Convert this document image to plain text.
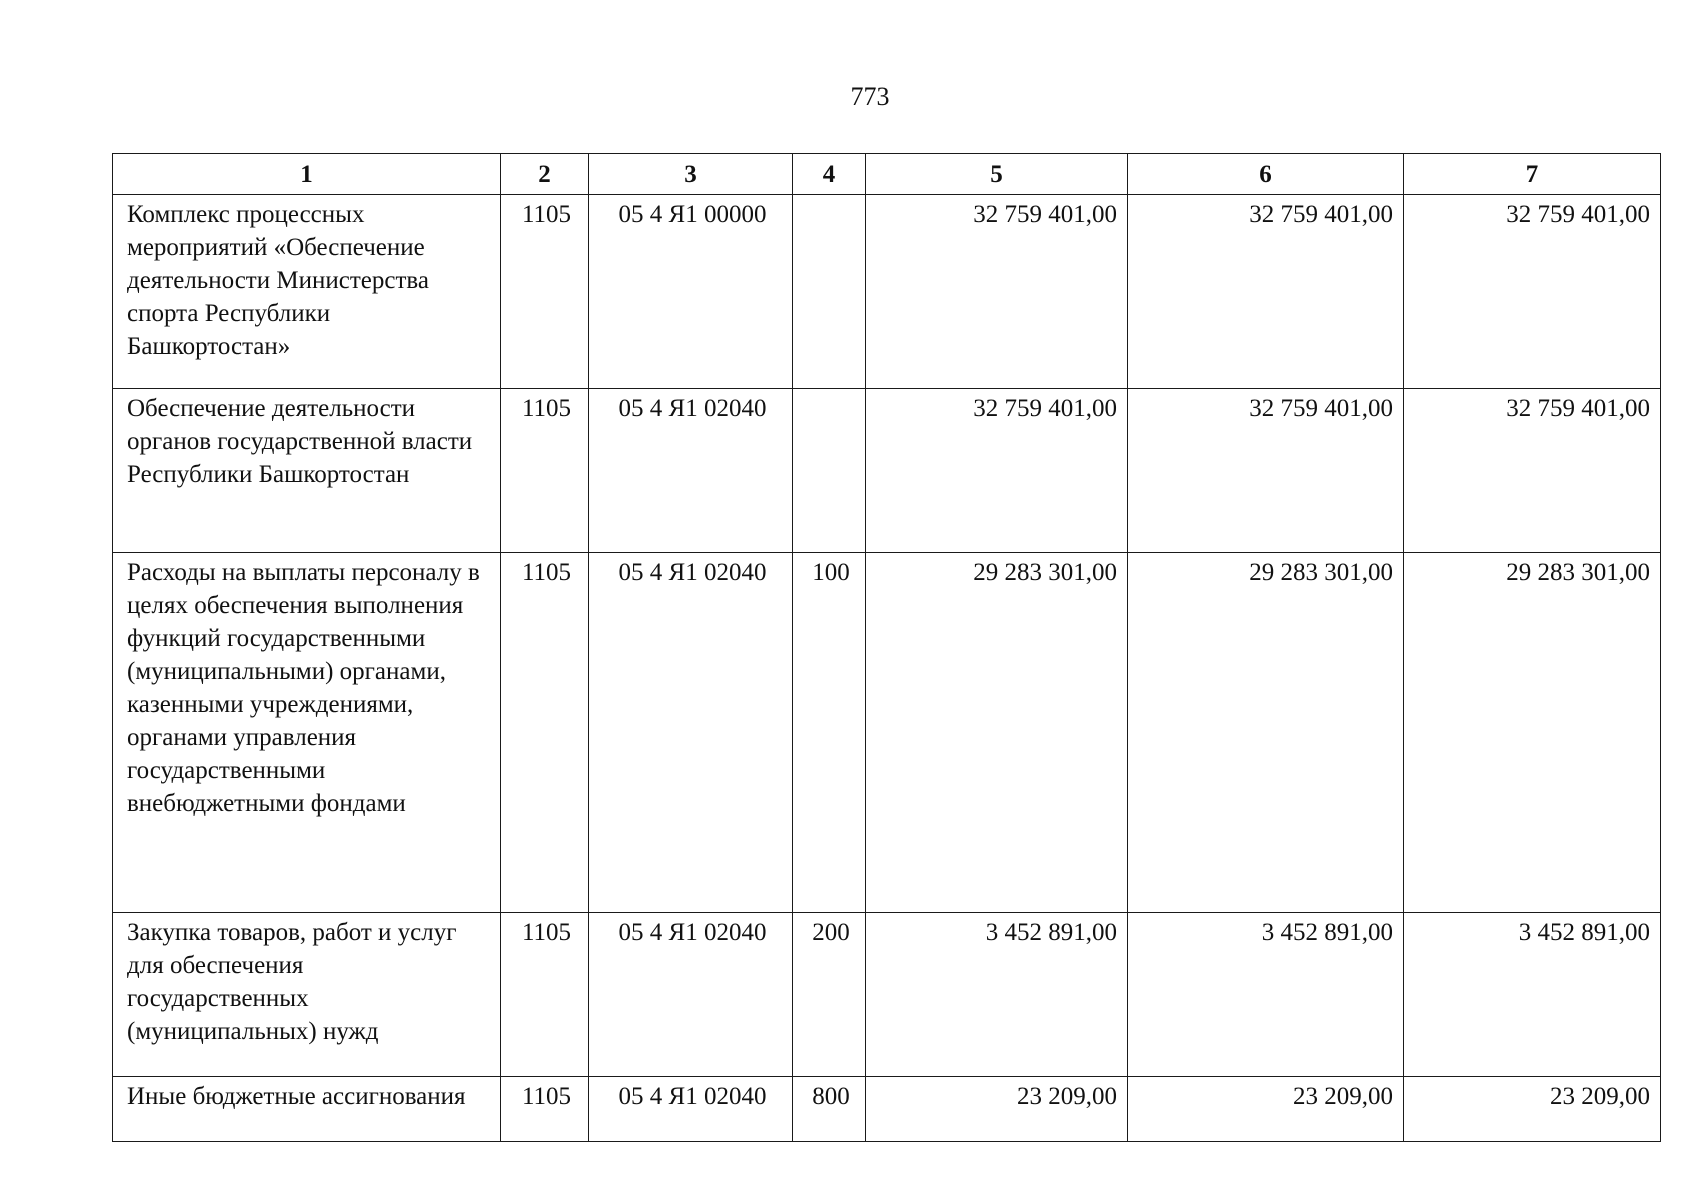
773
1	2	3	4	5	6	7
Комплекс процессных мероприятий «Обеспечение деятельности Министерства спорта Республики Башкортостан»	1105	05 4 Я1 00000		32 759 401,00	32 759 401,00	32 759 401,00
Обеспечение деятельности органов государственной власти Республики Башкортостан	1105	05 4 Я1 02040		32 759 401,00	32 759 401,00	32 759 401,00
Расходы на выплаты персоналу в целях обеспечения выполнения функций государственными (муниципальными) органами, казенными учреждениями, органами управления государственными внебюджетными фондами	1105	05 4 Я1 02040	100	29 283 301,00	29 283 301,00	29 283 301,00
Закупка товаров, работ и услуг для обеспечения государственных (муниципальных) нужд	1105	05 4 Я1 02040	200	3 452 891,00	3 452 891,00	3 452 891,00
Иные бюджетные ассигнования	1105	05 4 Я1 02040	800	23 209,00	23 209,00	23 209,00
